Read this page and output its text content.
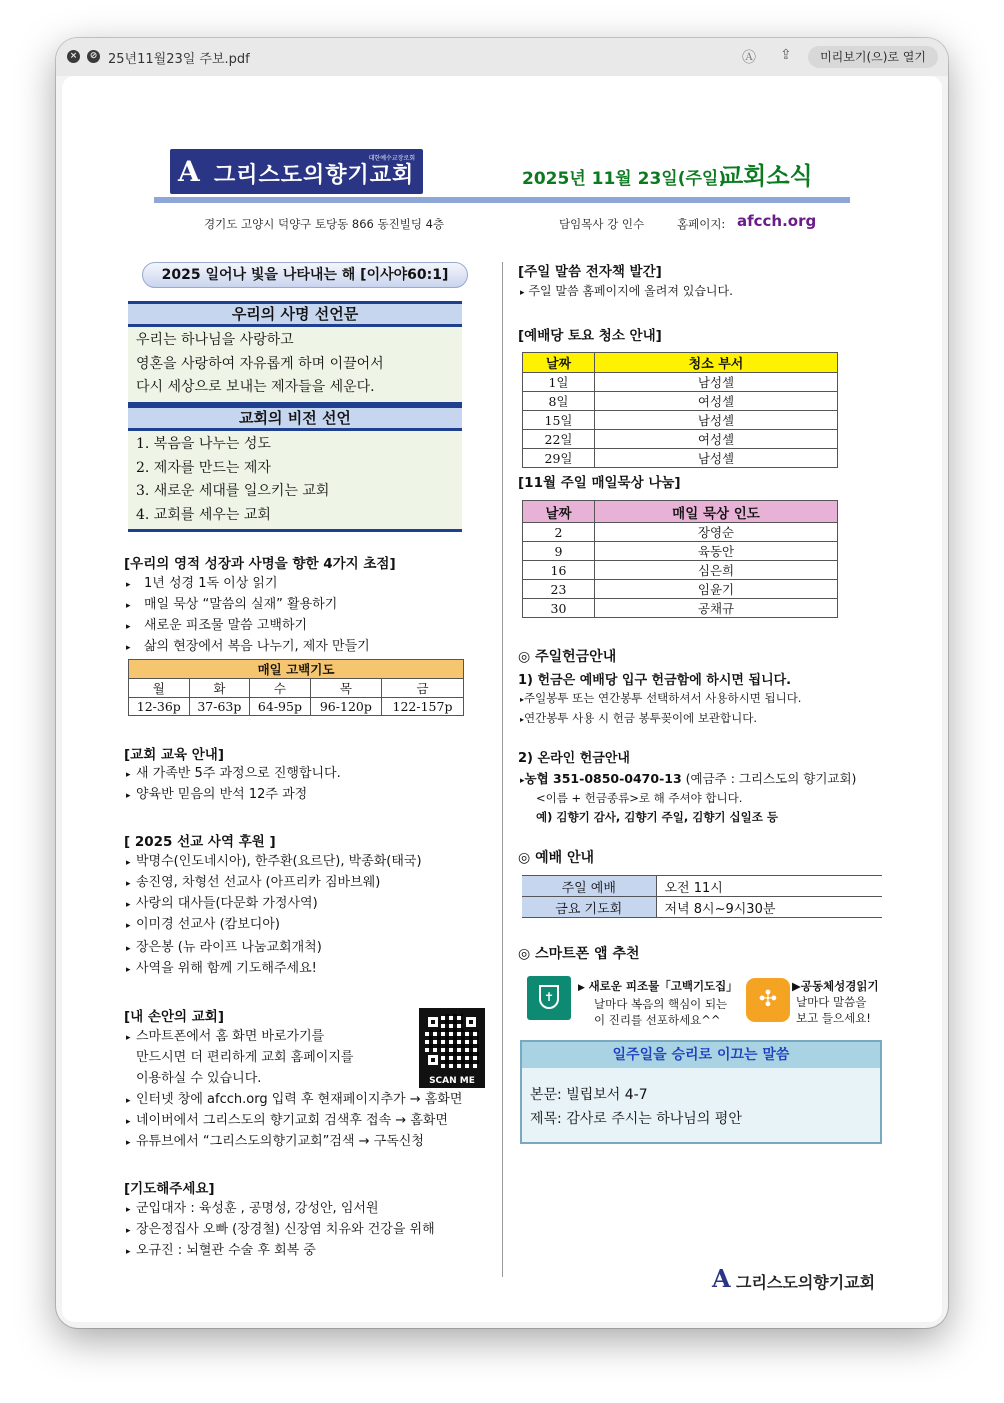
×	⊘ 25년11월23일 주보.pdf	Ⓐ ⇪	미리보기(으)로 열기
A 그리스도의향기교회
대한예수교장로회
2025년 11월 23일(주일)
교회소식
경기도 고양시 덕양구 토당동 866 동진빌딩 4층	담임목사 강 인수	홈페이지: afcch.org
2025 일어나 빛을 나타내는 해 [이사야60:1]
우리의 사명 선언문
우리는 하나님을 사랑하고
영혼을 사랑하여 자유롭게 하며 이끌어서
다시 세상으로 보내는 제자들을 세운다.
교회의 비전 선언
1. 복음을 나누는 성도
2. 제자를 만드는 제자
3. 새로운 세대를 일으키는 교회
4. 교회를 세우는 교회
[우리의 영적 성장과 사명을 향한 4가지 초점]
▸ 1년 성경 1독 이상 읽기
▸ 매일 묵상 “말씀의 실재” 활용하기
▸ 새로운 피조물 말씀 고백하기
▸ 삶의 현장에서 복음 나누기, 제자 만들기
매일 고백기도				
월	화	수	목	금
12-36p	37-63p	64-95p	96-120p	122-157p
[교회 교육 안내]
▸ 새 가족반 5주 과정으로 진행합니다.
▸ 양육반 믿음의 반석 12주 과정
[ 2025 선교 사역 후원 ]
▸ 박명수(인도네시아), 한주환(요르단), 박종화(태국)
▸ 송진영, 차형선 선교사 (아프리카 짐바브웨)
▸ 사랑의 대사들(다문화 가정사역)
▸ 이미경 선교사 (캄보디아)
▸ 장은봉 (뉴 라이프 나눔교회개척)
▸ 사역을 위해 함께 기도해주세요!
[내 손안의 교회]
▸ 스마트폰에서 홈 화면 바로가기를
만드시면 더 편리하게 교회 홈페이지를
이용하실 수 있습니다.
▸ 인터넷 창에 afcch.org 입력 후 현재페이지추가 → 홈화면
▸ 네이버에서 그리스도의 향기교회 검색후 접속 → 홈화면
▸ 유튜브에서 “그리스도의향기교회”검색 → 구독신청
SCAN ME
[기도해주세요]
▸ 군입대자 : 육성훈 , 공명성, 강성안, 임서원
▸ 장은정집사 오빠 (장경철) 신장염 치유와 건강을 위해
▸ 오규진 : 뇌혈관 수술 후 회복 중
[주일 말씀 전자책 발간]
▸ 주일 말씀 홈페이지에 올려져 있습니다.
[예배당 토요 청소 안내]
날짜	청소 부서
1일	남성셀
8일	여성셀
15일	남성셀
22일	여성셀
29일	남성셀
[11월 주일 매일묵상 나눔]
날짜	매일 묵상 인도
2	장영순
9	육동안
16	심은희
23	임윤기
30	공채규
◎ 주일헌금안내
1) 헌금은 예배당 입구 헌금함에 하시면 됩니다.
▸주일봉투 또는 연간봉투 선택하셔서 사용하시면 됩니다.
▸연간봉투 사용 시 헌금 봉투꽂이에 보관합니다.
2) 온라인 헌금안내
▸농협 351-0850-0470-13 (예금주 : 그리스도의 향기교회)
<이름 + 헌금종류>로 해 주셔야 합니다.
예) 김향기 감사, 김향기 주일, 김향기 십일조 등
◎ 예배 안내
주일 예배	오전 11시
금요 기도회	저녁 8시~9시30분
◎ 스마트폰 앱 추천
✝
▶ 새로운 피조물「고백기도집」
날마다 복음의 핵심이 되는
이 진리를 선포하세요^^
✣
▶공동체성경읽기
날마다 말씀을
보고 들으세요!
일주일을 승리로 이끄는 말씀
본문: 빌립보서 4-7
제목: 감사로 주시는 하나님의 평안
A 그리스도의향기교회
